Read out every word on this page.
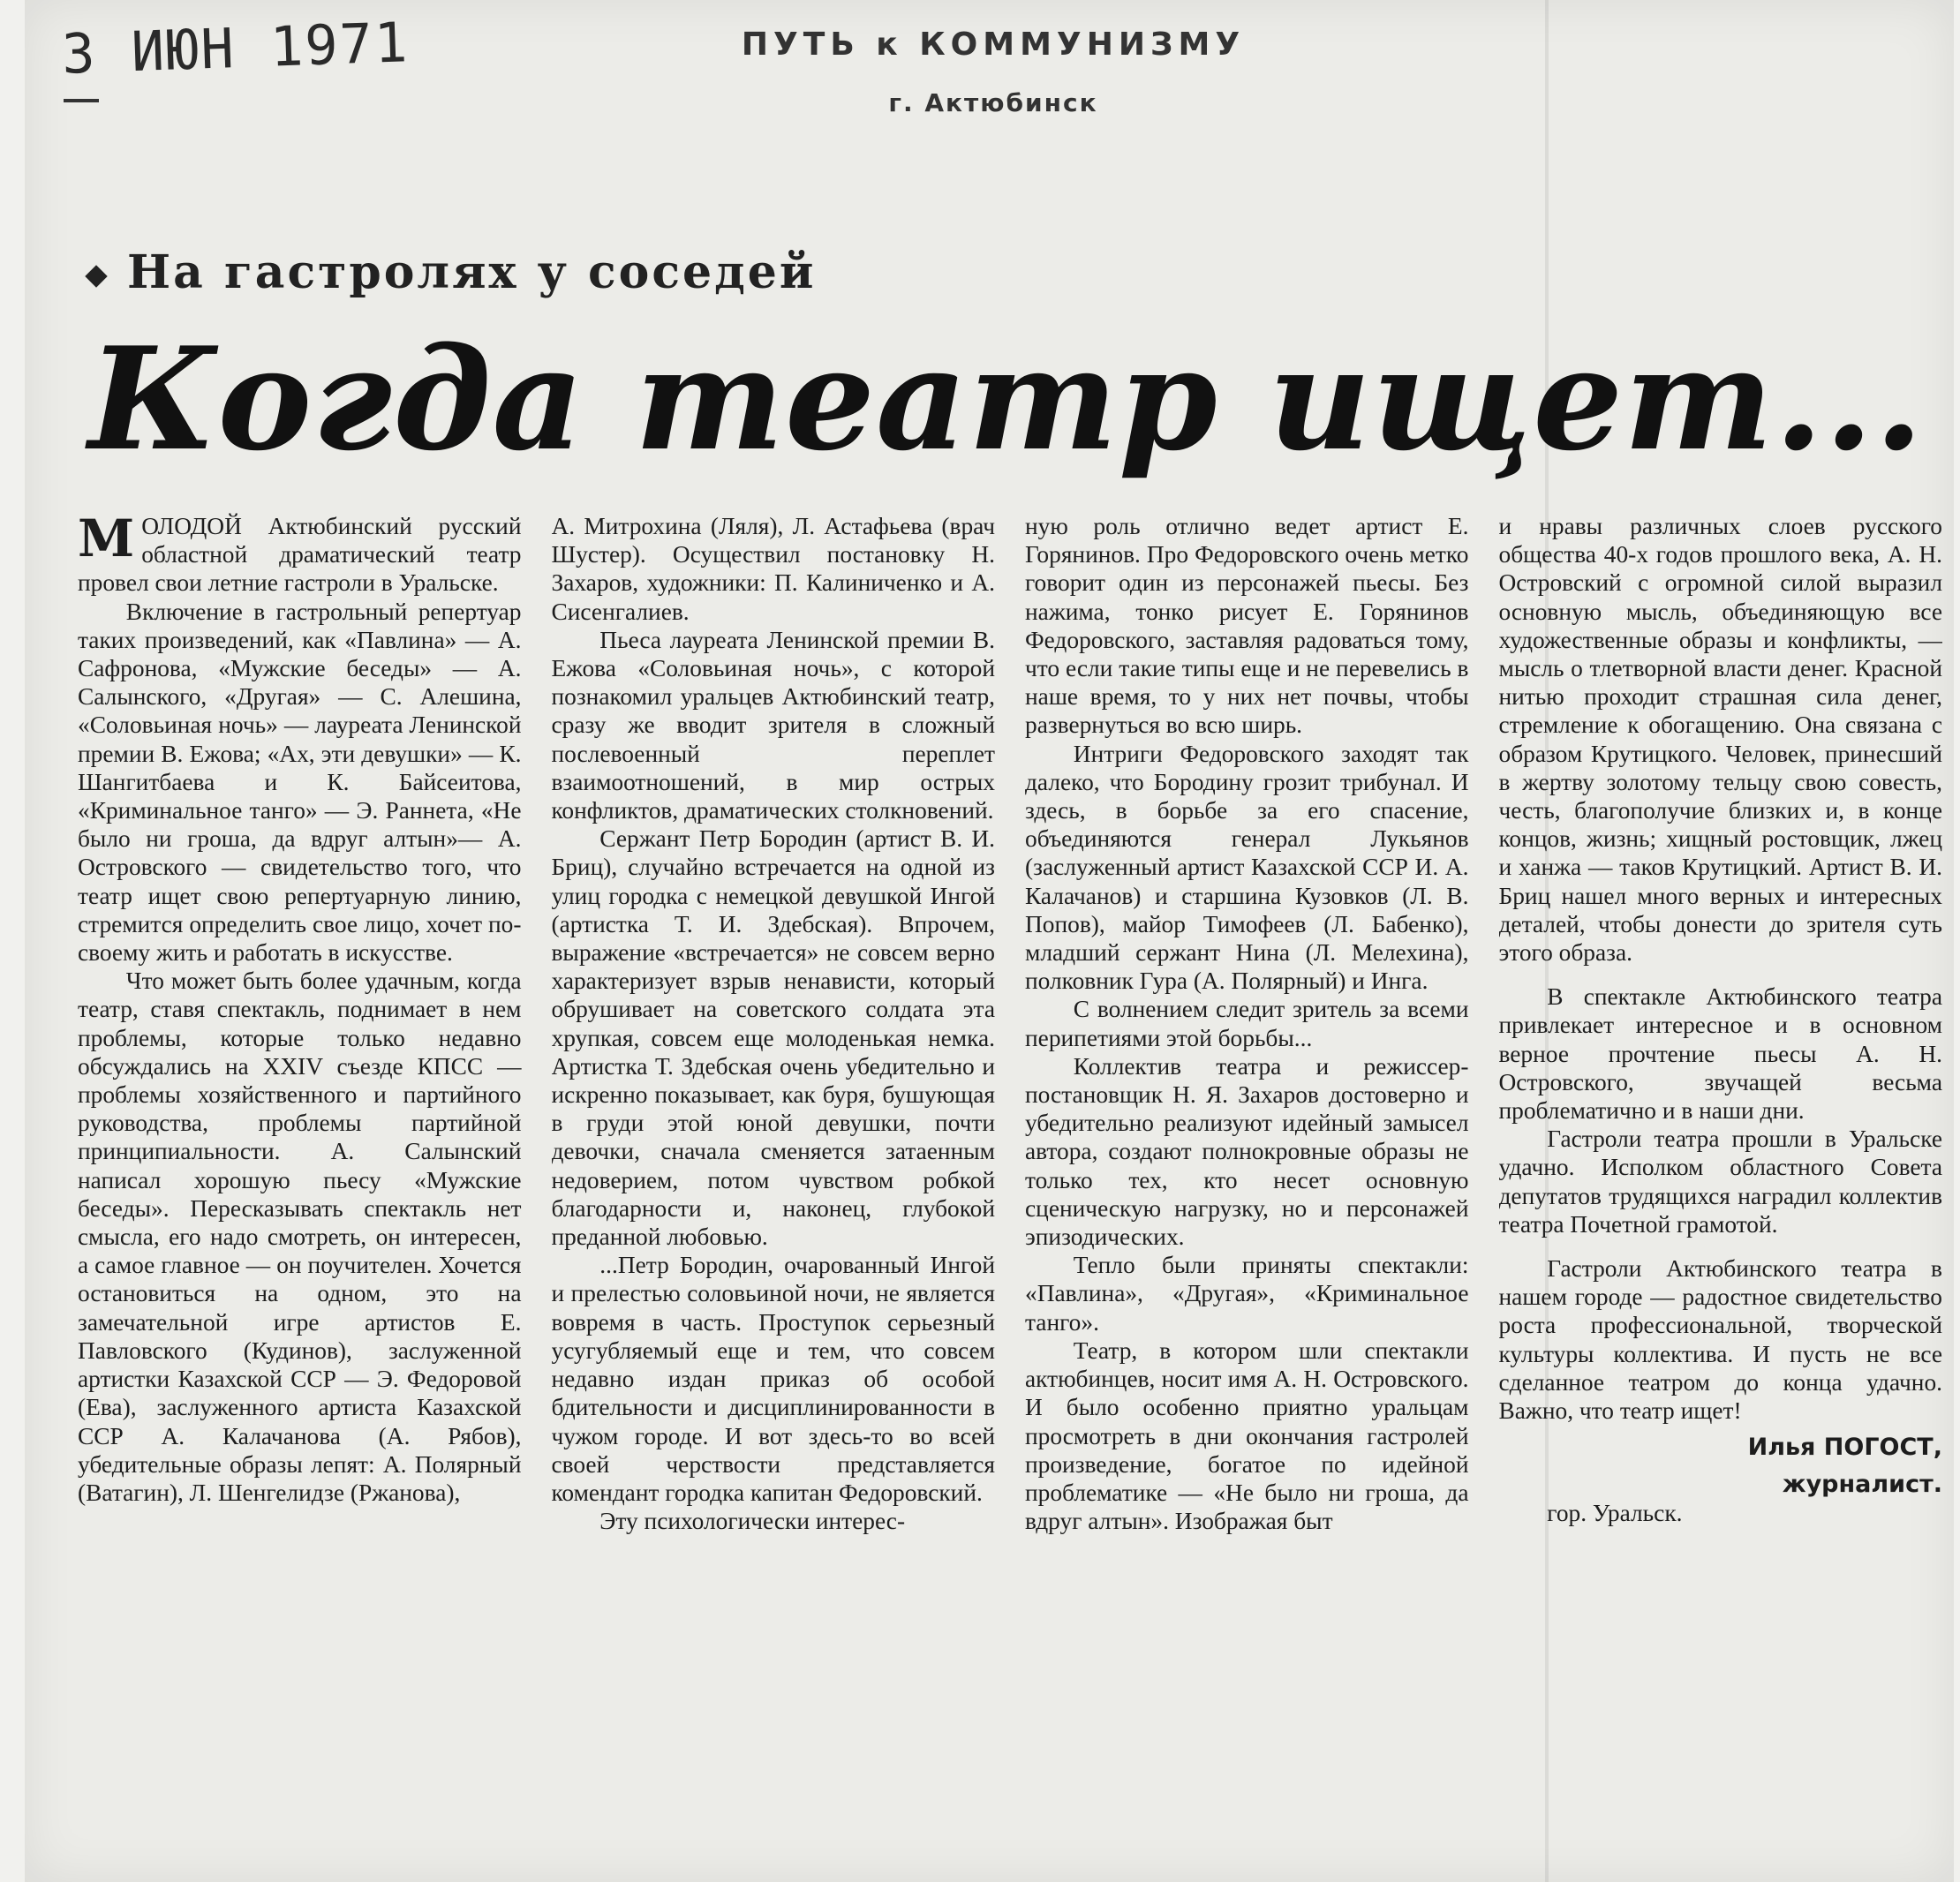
3 ИЮН 1971	ПУТЬ к КОММУНИЗМУ
г. Актюбинск
На гастролях у соседей
Когда театр ищет...

МОЛОДОЙ Актюбинский русский областной драматический театр провел свои летние гастроли в Уральске.

Включение в гастрольный репертуар таких произведений, как «Павлина» — А. Сафронова, «Мужские беседы» — А. Салынского, «Другая» — С. Алешина, «Соловьиная ночь» — лауреата Ленинской премии В. Ежова; «Ах, эти девушки» — К. Шангитбаева и К. Байсеитова, «Криминальное танго» — Э. Раннета, «Не было ни гроша, да вдруг алтын»— А. Островского — свидетельство того, что театр ищет свою репертуарную линию, стремится определить свое лицо, хочет по-своему жить и работать в искусстве.

Что может быть более удачным, когда театр, ставя спектакль, поднимает в нем проблемы, которые только недавно обсуждались на XXIV съезде КПСС — проблемы хозяйственного и партийного руководства, проблемы партийной принципиальности. А. Салынский написал хорошую пьесу «Мужские беседы». Пересказывать спектакль нет смысла, его надо смотреть, он интересен, а самое главное — он поучителен. Хочется остановиться на одном, это на замечательной игре артистов Е. Павловского (Кудинов), заслуженной артистки Казахской ССР — Э. Федоровой (Ева), заслуженного артиста Казахской ССР А. Калачанова (А. Рябов), убедительные образы лепят: А. Полярный (Ватагин), Л. Шенгелидзе (Ржанова),

А. Митрохина (Ляля), Л. Астафьева (врач Шустер). Осуществил постановку Н. Захаров, художники: П. Калиниченко и А. Сисенгалиев.

Пьеса лауреата Ленинской премии В. Ежова «Соловьиная ночь», с которой познакомил уральцев Актюбинский театр, сразу же вводит зрителя в сложный послевоенный переплет взаимоотношений, в мир острых конфликтов, драматических столкновений.

Сержант Петр Бородин (артист В. И. Бриц), случайно встречается на одной из улиц городка с немецкой девушкой Ингой (артистка Т. И. Здебская). Впрочем, выражение «встречается» не совсем верно характеризует взрыв ненависти, который обрушивает на советского солдата эта хрупкая, совсем еще молоденькая немка. Артистка Т. Здебская очень убедительно и искренно показывает, как буря, бушующая в груди этой юной девушки, почти девочки, сначала сменяется затаенным недоверием, потом чувством робкой благодарности и, наконец, глубокой преданной любовью.

...Петр Бородин, очарованный Ингой и прелестью соловьиной ночи, не является вовремя в часть. Проступок серьезный усугубляемый еще и тем, что совсем недавно издан приказ об особой бдительности и дисциплинированности в чужом городе. И вот здесь-то во всей своей черствости представляется комендант городка капитан Федоровский.

Эту психологически интерес-

ную роль отлично ведет артист Е. Горянинов. Про Федоровского очень метко говорит один из персонажей пьесы. Без нажима, тонко рисует Е. Горянинов Федоровского, заставляя радоваться тому, что если такие типы еще и не перевелись в наше время, то у них нет почвы, чтобы развернуться во всю ширь.

Интриги Федоровского заходят так далеко, что Бородину грозит трибунал. И здесь, в борьбе за его спасение, объединяются генерал Лукьянов (заслуженный артист Казахской ССР И. А. Калачанов) и старшина Кузовков (Л. В. Попов), майор Тимофеев (Л. Бабенко), младший сержант Нина (Л. Мелехина), полковник Гура (А. Полярный) и Инга.

С волнением следит зритель за всеми перипетиями этой борьбы...

Коллектив театра и режиссер-постановщик Н. Я. Захаров достоверно и убедительно реализуют идейный замысел автора, создают полнокровные образы не только тех, кто несет основную сценическую нагрузку, но и персонажей эпизодических.

Тепло были приняты спектакли: «Павлина», «Другая», «Криминальное танго».

Театр, в котором шли спектакли актюбинцев, носит имя А. Н. Островского. И было особенно приятно уральцам просмотреть в дни окончания гастролей произведение, богатое по идейной проблематике — «Не было ни гроша, да вдруг алтын». Изображая быт

и нравы различных слоев русского общества 40-х годов прошлого века, А. Н. Островский с огромной силой выразил основную мысль, объединяющую все художественные образы и конфликты, — мысль о тлетворной власти денег. Красной нитью проходит страшная сила денег, стремление к обогащению. Она связана с образом Крутицкого. Человек, принесший в жертву золотому тельцу свою совесть, честь, благополучие близких и, в конце концов, жизнь; хищный ростовщик, лжец и ханжа — таков Крутицкий. Артист В. И. Бриц нашел много верных и интересных деталей, чтобы донести до зрителя суть этого образа.

В спектакле Актюбинского театра привлекает интересное и в основном верное прочтение пьесы А. Н. Островского, звучащей весьма проблематично и в наши дни.

Гастроли театра прошли в Уральске удачно. Исполком областного Совета депутатов трудящихся наградил коллектив театра Почетной грамотой.

Гастроли Актюбинского театра в нашем городе — радостное свидетельство роста профессиональной, творческой культуры коллектива. И пусть не все сделанное театром до конца удачно. Важно, что театр ищет!

Илья ПОГОСТ,
журналист.

гор. Уральск.
